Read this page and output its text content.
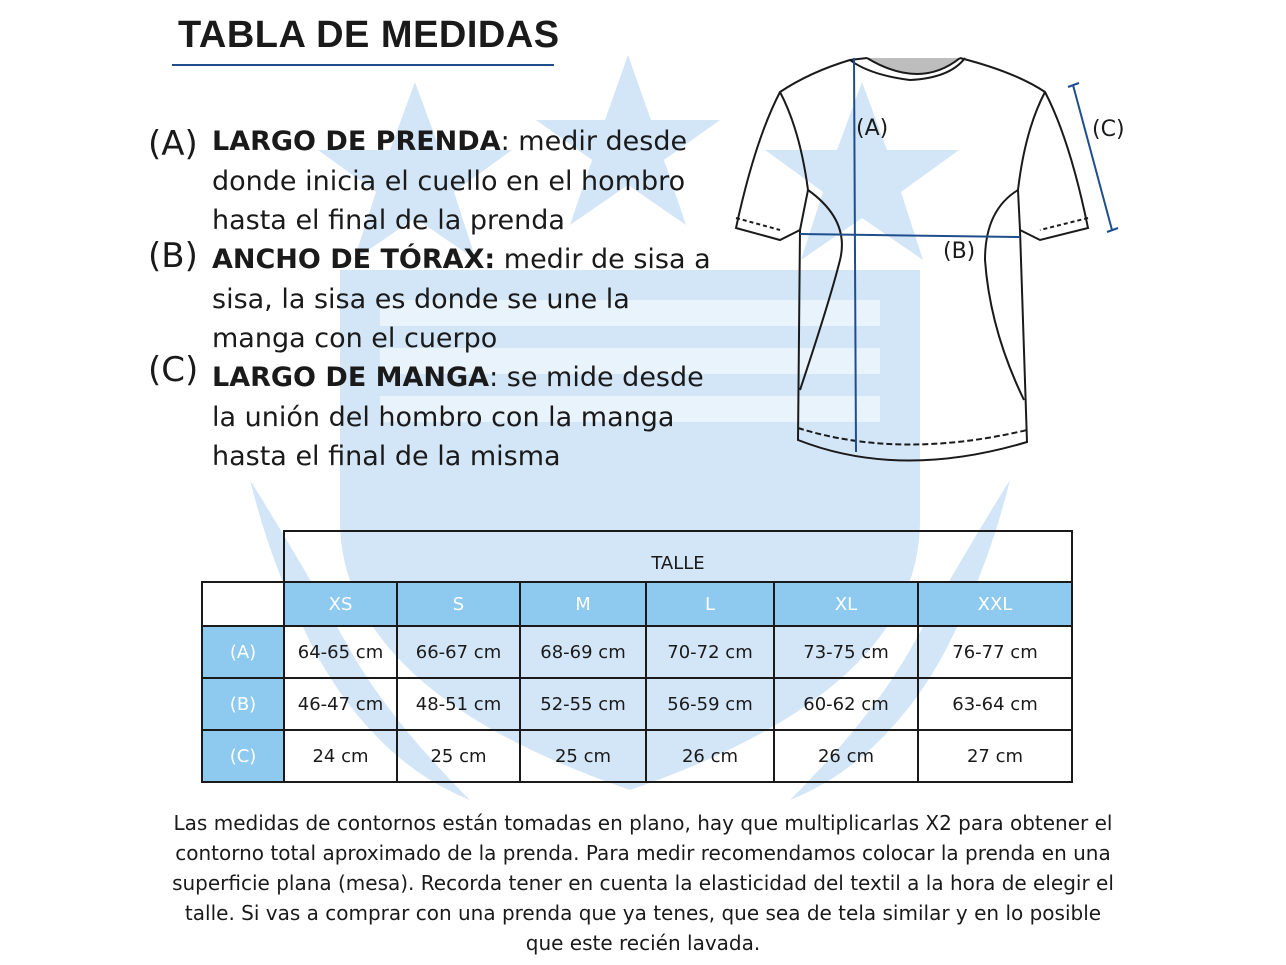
TABLA DE MEDIDAS
(A) LARGO DE PRENDA: medir desde donde inicia el cuello en el hombro hasta el final de la prenda
(B) ANCHO DE TÓRAX: medir de sisa a sisa, la sisa es donde se une la manga con el cuerpo
(C) LARGO DE MANGA: se mide desde la unión del hombro con la manga hasta el final de la misma
(A)
(B)
(C)
	TALLE					
	XS	S	M	L	XL	XXL
(A)	64-65 cm	66-67 cm	68-69 cm	70-72 cm	73-75 cm	76-77 cm
(B)	46-47 cm	48-51 cm	52-55 cm	56-59 cm	60-62 cm	63-64 cm
(C)	24 cm	25 cm	25 cm	26 cm	26 cm	27 cm
Las medidas de contornos están tomadas en plano, hay que multiplicarlas X2 para obtener el contorno total aproximado de la prenda. Para medir recomendamos colocar la prenda en una superficie plana (mesa). Recorda tener en cuenta la elasticidad del textil a la hora de elegir el talle. Si vas a comprar con una prenda que ya tenes, que sea de tela similar y en lo posible que este recién lavada.
